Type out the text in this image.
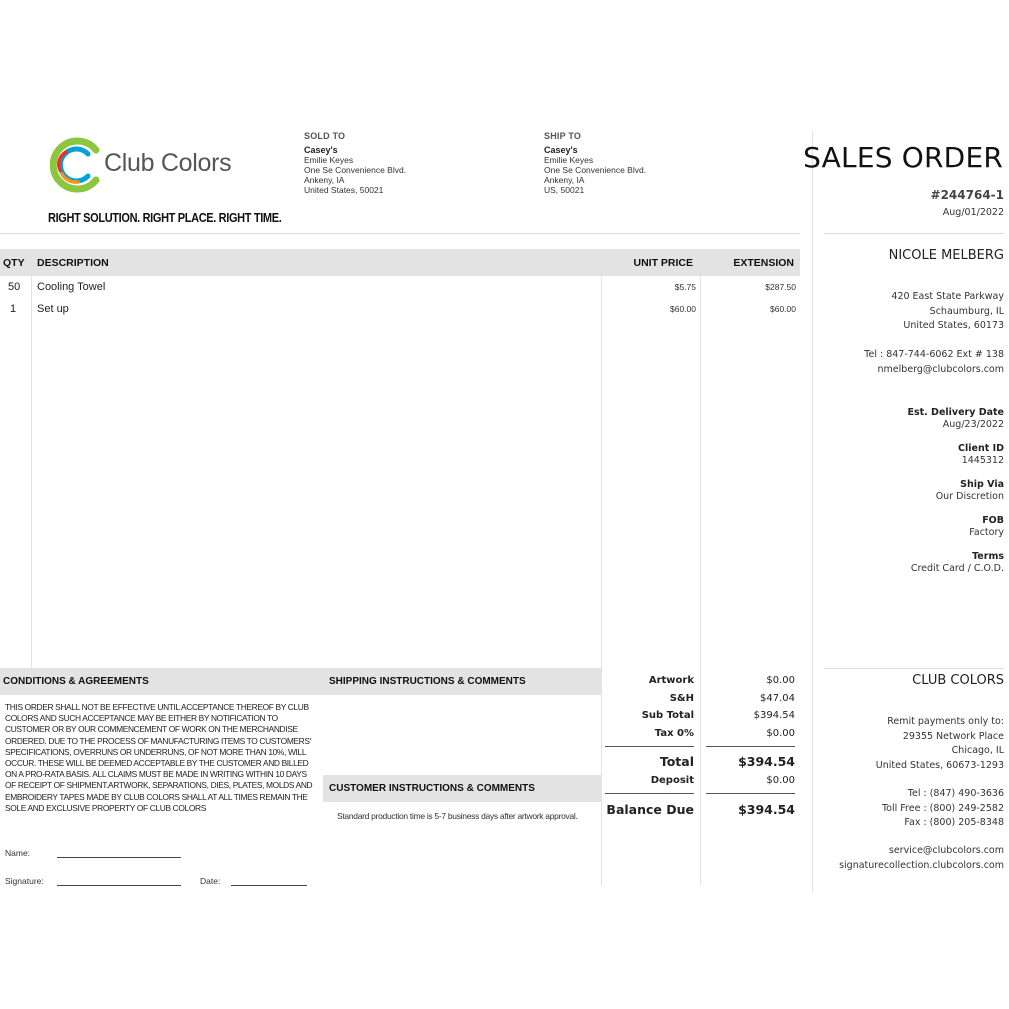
Club Colors
RIGHT SOLUTION. RIGHT PLACE. RIGHT TIME.
SOLD TO
Casey's
Emilie Keyes
One Se Convenience Blvd.
Ankeny, IA
United States, 50021
SHIP TO
Casey's
Emilie Keyes
One Se Convenience Blvd.
Ankeny, IA
US, 50021
SALES ORDER
#244764-1
Aug/01/2022
NICOLE MELBERG
420 East State Parkway
Schaumburg, IL
United States, 60173
Tel : 847-744-6062 Ext # 138
nmelberg@clubcolors.com
Est. Delivery Date
Aug/23/2022
Client ID
1445312
Ship Via
Our Discretion
FOB
Factory
Terms
Credit Card / C.O.D.
CLUB COLORS
Remit payments only to:
29355 Network Place
Chicago, IL
United States, 60673-1293
Tel : (847) 490-3636
Toll Free : (800) 249-2582
Fax : (800) 205-8348
service@clubcolors.com
signaturecollection.clubcolors.com
QTY DESCRIPTION	UNIT PRICE	EXTENSION
50 Cooling Towel	$5.75	$287.50
1 Set up	$60.00	$60.00
CONDITIONS & AGREEMENTS
THIS ORDER SHALL NOT BE EFFECTIVE UNTIL ACCEPTANCE THEREOF BY CLUB COLORS AND SUCH ACCEPTANCE MAY BE EITHER BY NOTIFICATION TO CUSTOMER OR BY OUR COMMENCEMENT OF WORK ON THE MERCHANDISE ORDERED. DUE TO THE PROCESS OF MANUFACTURING ITEMS TO CUSTOMERS' SPECIFICATIONS, OVERRUNS OR UNDERRUNS, OF NOT MORE THAN 10%, WILL OCCUR. THESE WILL BE DEEMED ACCEPTABLE BY THE CUSTOMER AND BILLED ON A PRO-RATA BASIS. ALL CLAIMS MUST BE MADE IN WRITING WITHIN 10 DAYS OF RECEIPT OF SHIPMENT.ARTWORK, SEPARATIONS, DIES, PLATES, MOLDS AND EMBROIDERY TAPES MADE BY CLUB COLORS SHALL AT ALL TIMES REMAIN THE SOLE AND EXCLUSIVE PROPERTY OF CLUB COLORS
Name:
Signature:	Date:
SHIPPING INSTRUCTIONS & COMMENTS
CUSTOMER INSTRUCTIONS & COMMENTS
Standard production time is 5-7 business days after artwork approval.
Artwork	$0.00
S&H	$47.04
Sub Total	$394.54
Tax 0%	$0.00
Total	$394.54
Deposit	$0.00
Balance Due	$394.54
